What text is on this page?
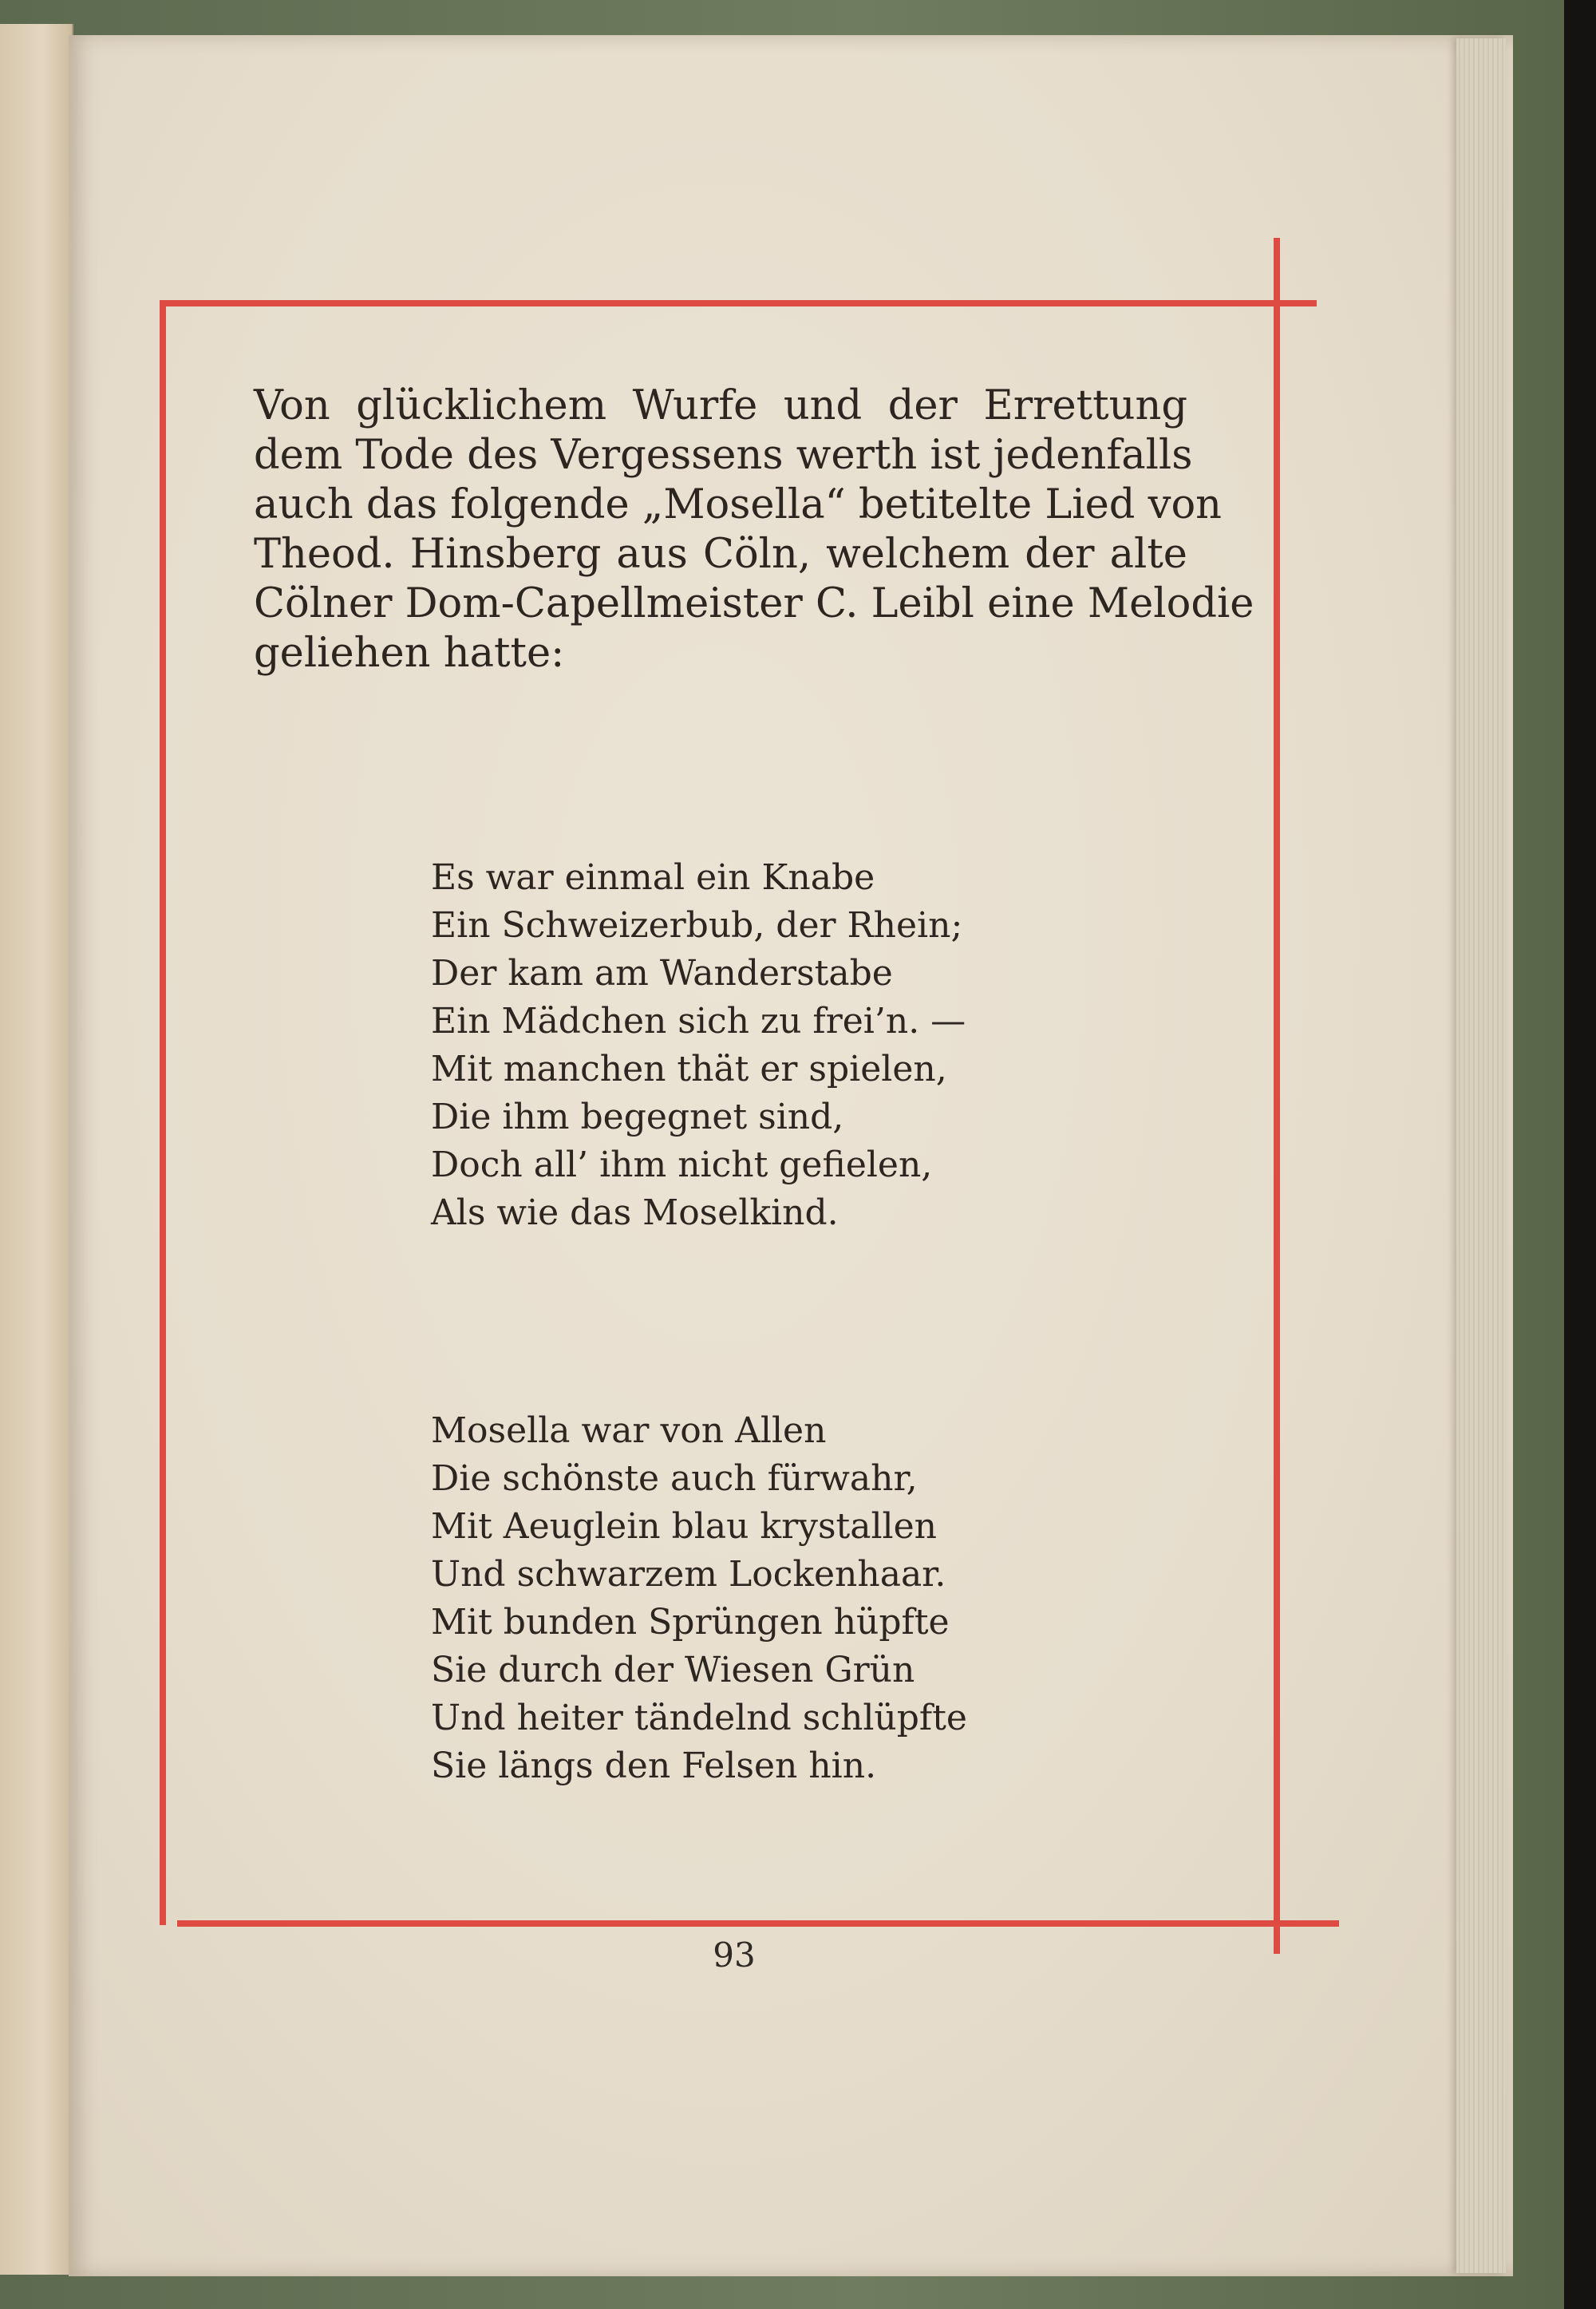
Von glücklichem Wurfe und der Errettung
dem Tode des Vergessens werth ist jedenfalls
auch das folgende „Mosella“ betitelte Lied von
Theod. Hinsberg aus Cöln, welchem der alte
Cölner Dom-Capellmeister C. Leibl eine Melodie
geliehen hatte:
Es war einmal ein Knabe
Ein Schweizerbub, der Rhein;
Der kam am Wanderstabe
Ein Mädchen sich zu frei’n. —
Mit manchen thät er spielen,
Die ihm begegnet sind,
Doch all’ ihm nicht gefielen,
Als wie das Moselkind.
Mosella war von Allen
Die schönste auch fürwahr,
Mit Aeuglein blau krystallen
Und schwarzem Lockenhaar.
Mit bunden Sprüngen hüpfte
Sie durch der Wiesen Grün
Und heiter tändelnd schlüpfte
Sie längs den Felsen hin.
93
